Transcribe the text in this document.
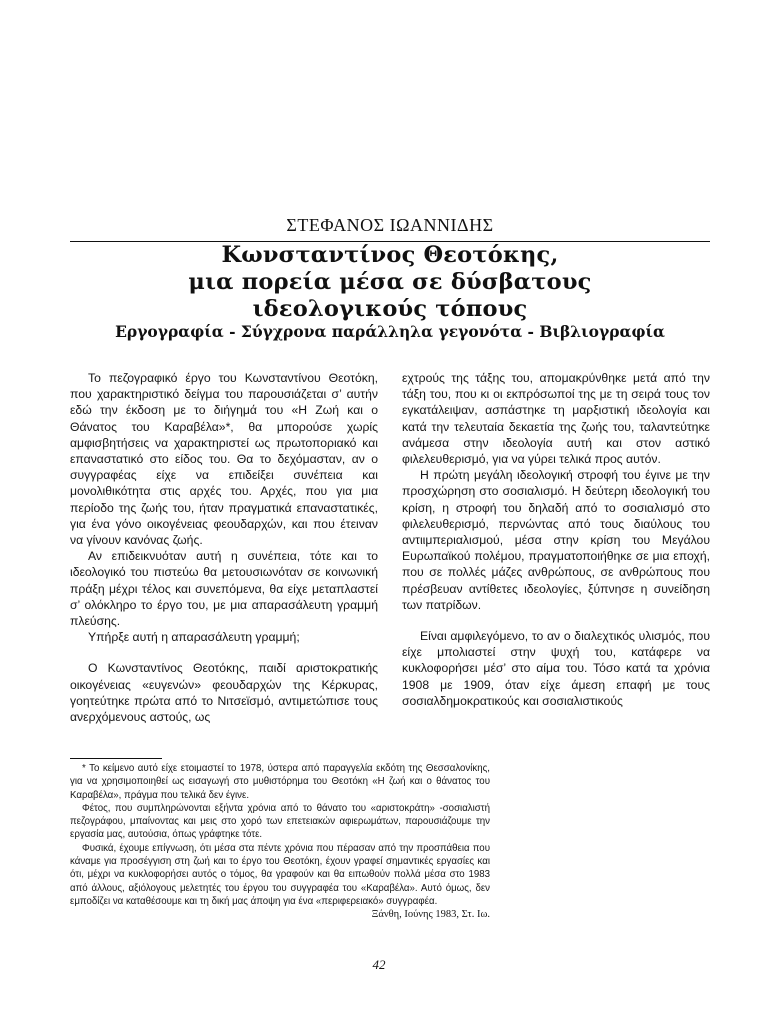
ΣΤΕΦΑΝΟΣ ΙΩΑΝΝΙΔΗΣ
Κωνσταντίνος Θεοτόκης,
μια πορεία μέσα σε δύσβατους
ιδεολογικούς τόπους
Εργογραφία - Σύγχρονα παράλληλα γεγονότα - Βιβλιογραφία

Το πεζογραφικό έργο του Κωνσταντίνου Θεοτόκη, που χαρακτηριστικό δείγμα του παρουσιάζεται σ’ αυτήν εδώ την έκδοση με το διήγημά του «Η Ζωή και ο Θάνατος του Καραβέλα»*, θα μπορούσε χωρίς αμφισβητήσεις να χαρακτηριστεί ως πρωτοποριακό και επαναστατικό στο είδος του. Θα το δεχόμασταν, αν ο συγγραφέας είχε να επιδείξει συνέπεια και μονολιθικότητα στις αρχές του. Αρχές, που για μια περίοδο της ζωής του, ήταν πραγματικά επαναστατικές, για ένα γόνο οικογένειας φεουδαρχών, και που έτειναν να γίνουν κανόνας ζωής.

Αν επιδεικνυόταν αυτή η συνέπεια, τότε και το ιδεολογικό του πιστεύω θα μετουσιωνόταν σε κοινωνική πράξη μέχρι τέλος και συνεπόμενα, θα είχε μεταπλαστεί σ’ ολόκληρο το έργο του, με μια απαρασάλευτη γραμμή πλεύσης.

Υπήρξε αυτή η απαρασάλευτη γραμμή;

Ο Κωνσταντίνος Θεοτόκης, παιδί αριστοκρατικής οικογένειας «ευγενών» φεουδαρχών της Κέρκυρας, γοητεύτηκε πρώτα από το Νιτσεϊσμό, αντιμετώπισε τους ανερχόμενους αστούς, ως

εχτρούς της τάξης του, απομακρύνθηκε μετά από την τάξη του, που κι οι εκπρόσωποί της με τη σειρά τους τον εγκατάλειψαν, ασπάστηκε τη μαρξιστική ιδεολογία και κατά την τελευταία δεκαετία της ζωής του, ταλαντεύτηκε ανάμεσα στην ιδεολογία αυτή και στον αστικό φιλελευθερισμό, για να γύρει τελικά προς αυτόν.

Η πρώτη μεγάλη ιδεολογική στροφή του έγινε με την προσχώρηση στο σοσιαλισμό. Η δεύτερη ιδεολογική του κρίση, η στροφή του δηλαδή από το σοσιαλισμό στο φιλελευθερισμό, περνώντας από τους διαύλους του αντιιμπεριαλισμού, μέσα στην κρίση του Μεγάλου Ευρωπαϊκού πολέμου, πραγματοποιήθηκε σε μια εποχή, που σε πολλές μάζες ανθρώπους, σε ανθρώπους που πρέσβευαν αντίθετες ιδεολογίες, ξύπνησε η συνείδηση των πατρίδων.

Είναι αμφιλεγόμενο, το αν ο διαλεχτικός υλισμός, που είχε μπολιαστεί στην ψυχή του, κατάφερε να κυκλοφορήσει μέσ’ στο αίμα του. Τόσο κατά τα χρόνια 1908 με 1909, όταν είχε άμεση επαφή με τους σοσιαλδημοκρατικούς και σοσιαλιστικούς

* Το κείμενο αυτό είχε ετοιμαστεί το 1978, ύστερα από παραγγελία εκδότη της Θεσσαλονίκης, για να χρησιμοποιηθεί ως εισαγωγή στο μυθιστόρημα του Θεοτόκη «Η ζωή και ο θάνατος του Καραβέλα», πράγμα που τελικά δεν έγινε.

Φέτος, που συμπληρώνονται εξήντα χρόνια από το θάνατο του «αριστοκράτη» -σοσιαλιστή πεζογράφου, μπαίνοντας και μεις στο χορό των επετειακών αφιερωμάτων, παρουσιάζουμε την εργασία μας, αυτούσια, όπως γράφτηκε τότε.

Φυσικά, έχουμε επίγνωση, ότι μέσα στα πέντε χρόνια που πέρασαν από την προσπάθεια που κάναμε για προσέγγιση στη ζωή και το έργο του Θεοτόκη, έχουν γραφεί σημαντικές εργασίες και ότι, μέχρι να κυκλοφορήσει αυτός ο τόμος, θα γραφούν και θα ειπωθούν πολλά μέσα στο 1983 από άλλους, αξιόλογους μελετητές του έργου του συγγραφέα του «Καραβέλα». Αυτό όμως, δεν εμποδίζει να καταθέσουμε και τη δική μας άποψη για ένα «περιφερειακό» συγγραφέα.

Ξάνθη, Ιούνης 1983, Στ. Ιω.

42
